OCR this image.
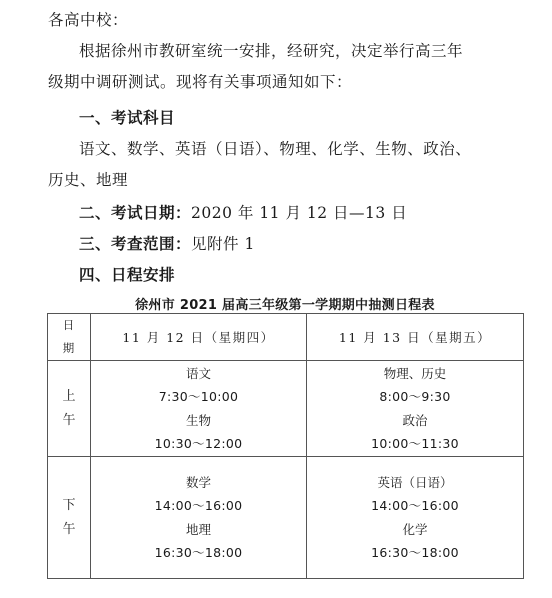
各高中校：
根据徐州市教研室统一安排，经研究，决定举行高三年
级期中调研测试。现将有关事项通知如下：
一、考试科目
语文、数学、英语（日语）、物理、化学、生物、政治、
历史、地理
二、考试日期：2020 年 11 月 12 日—13 日
三、考查范围：见附件 1
四、日程安排
徐州市 2021 届高三年级第一学期期中抽测日程表
日
期	11 月 12 日（星期四）	11 月 13 日（星期五）

上
午	语文
7:30～10:00
生物
10:30～12:00	物理、历史
8:00～9:30
政治
10:00～11:30

下
午	数学
14:00～16:00
地理
16:30～18:00	英语（日语）
14:00～16:00
化学
16:30～18:00
